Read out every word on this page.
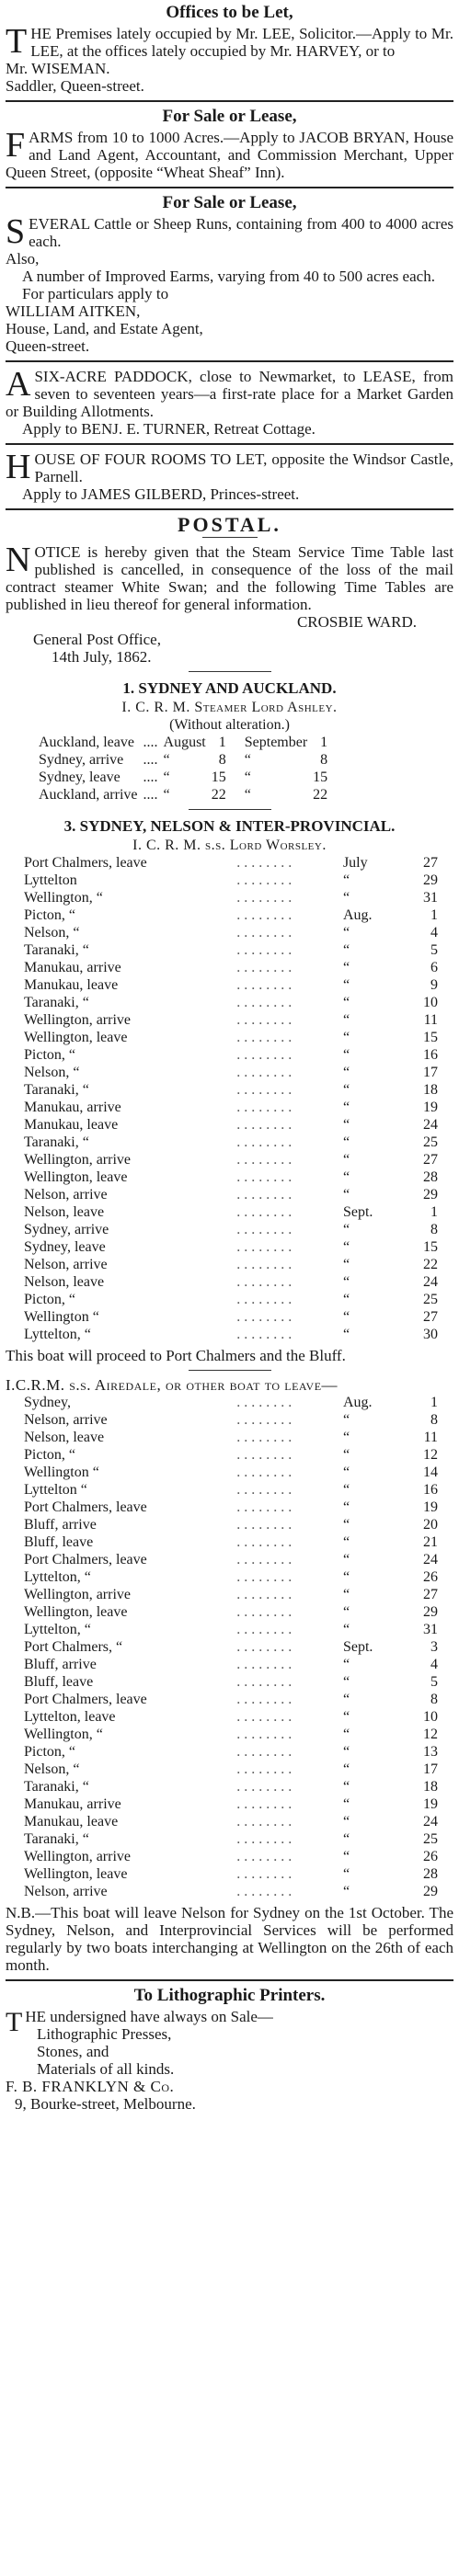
Offices to be Let,

THE Premises lately occupied by Mr. LEE, Solicitor.—Apply to Mr. LEE, at the offices lately occupied by Mr. HARVEY, or to

Mr. WISEMAN.

Saddler, Queen-street.

For Sale or Lease,

FARMS from 10 to 1000 Acres.—Apply to JACOB BRYAN, House and Land Agent, Accountant, and Commission Merchant, Upper Queen Street, (opposite “Wheat Sheaf” Inn).

For Sale or Lease,

SEVERAL Cattle or Sheep Runs, containing from 400 to 4000 acres each.

Also,

A number of Improved Earms, varying from 40 to 500 acres each.

For particulars apply to

WILLIAM AITKEN,

House, Land, and Estate Agent,

Queen-street.

ASIX-ACRE PADDOCK, close to Newmarket, to LEASE, from seven to seventeen years—a first-rate place for a Market Garden or Building Allotments.

Apply to BENJ. E. TURNER, Retreat Cottage.

HOUSE OF FOUR ROOMS TO LET, opposite the Windsor Castle, Parnell.

Apply to JAMES GILBERD, Princes-street.

POSTAL.

NOTICE is hereby given that the Steam Service Time Table last published is cancelled, in consequence of the loss of the mail contract steamer White Swan; and the following Time Tables are published in lieu thereof for general information.

CROSBIE WARD.

General Post Office,

14th July, 1862.

1. SYDNEY AND AUCKLAND.

I. C. R. M. Steamer Lord Ashley.

(Without alteration.)

Auckland, leave	....	August	1	September	1
Sydney, arrive	....	“	8	“	8
Sydney, leave	....	“	15	“	15
Auckland, arrive	....	“	22	“	22
3. SYDNEY, NELSON & INTER-PROVINCIAL.

I. C. R. M. s.s. Lord Worsley.

Port Chalmers, leave	. . . . . . . .	July	27
Lyttelton	. . . . . . . .	“	29
Wellington, “	. . . . . . . .	“	31
Picton, “	. . . . . . . .	Aug.	1
Nelson, “	. . . . . . . .	“	4
Taranaki, “	. . . . . . . .	“	5
Manukau, arrive	. . . . . . . .	“	6
Manukau, leave	. . . . . . . .	“	9
Taranaki, “	. . . . . . . .	“	10
Wellington, arrive	. . . . . . . .	“	11
Wellington, leave	. . . . . . . .	“	15
Picton, “	. . . . . . . .	“	16
Nelson, “	. . . . . . . .	“	17
Taranaki, “	. . . . . . . .	“	18
Manukau, arrive	. . . . . . . .	“	19
Manukau, leave	. . . . . . . .	“	24
Taranaki, “	. . . . . . . .	“	25
Wellington, arrive	. . . . . . . .	“	27
Wellington, leave	. . . . . . . .	“	28
Nelson, arrive	. . . . . . . .	“	29
Nelson, leave	. . . . . . . .	Sept.	1
Sydney, arrive	. . . . . . . .	“	8
Sydney, leave	. . . . . . . .	“	15
Nelson, arrive	. . . . . . . .	“	22
Nelson, leave	. . . . . . . .	“	24
Picton, “	. . . . . . . .	“	25
Wellington “	. . . . . . . .	“	27
Lyttelton, “	. . . . . . . .	“	30

This boat will proceed to Port Chalmers and the Bluff.

I.C.R.M. s.s. Airedale, or other boat to leave—

Sydney,	. . . . . . . .	Aug.	1
Nelson, arrive	. . . . . . . .	“	8
Nelson, leave	. . . . . . . .	“	11
Picton, “	. . . . . . . .	“	12
Wellington “	. . . . . . . .	“	14
Lyttelton “	. . . . . . . .	“	16
Port Chalmers, leave	. . . . . . . .	“	19
Bluff, arrive	. . . . . . . .	“	20
Bluff, leave	. . . . . . . .	“	21
Port Chalmers, leave	. . . . . . . .	“	24
Lyttelton, “	. . . . . . . .	“	26
Wellington, arrive	. . . . . . . .	“	27
Wellington, leave	. . . . . . . .	“	29
Lyttelton, “	. . . . . . . .	“	31
Port Chalmers, “	. . . . . . . .	Sept.	3
Bluff, arrive	. . . . . . . .	“	4
Bluff, leave	. . . . . . . .	“	5
Port Chalmers, leave	. . . . . . . .	“	8
Lyttelton, leave	. . . . . . . .	“	10
Wellington, “	. . . . . . . .	“	12
Picton, “	. . . . . . . .	“	13
Nelson, “	. . . . . . . .	“	17
Taranaki, “	. . . . . . . .	“	18
Manukau, arrive	. . . . . . . .	“	19
Manukau, leave	. . . . . . . .	“	24
Taranaki, “	. . . . . . . .	“	25
Wellington, arrive	. . . . . . . .	“	26
Wellington, leave	. . . . . . . .	“	28
Nelson, arrive	. . . . . . . .	“	29

N.B.—This boat will leave Nelson for Sydney on the 1st October. The Sydney, Nelson, and Interprovincial Services will be performed regularly by two boats interchanging at Wellington on the 26th of each month.

To Lithographic Printers.

THE undersigned have always on Sale—

Lithographic Presses,

Stones, and

Materials of all kinds.

F. B. FRANKLYN & Co.

9, Bourke-street, Melbourne.
